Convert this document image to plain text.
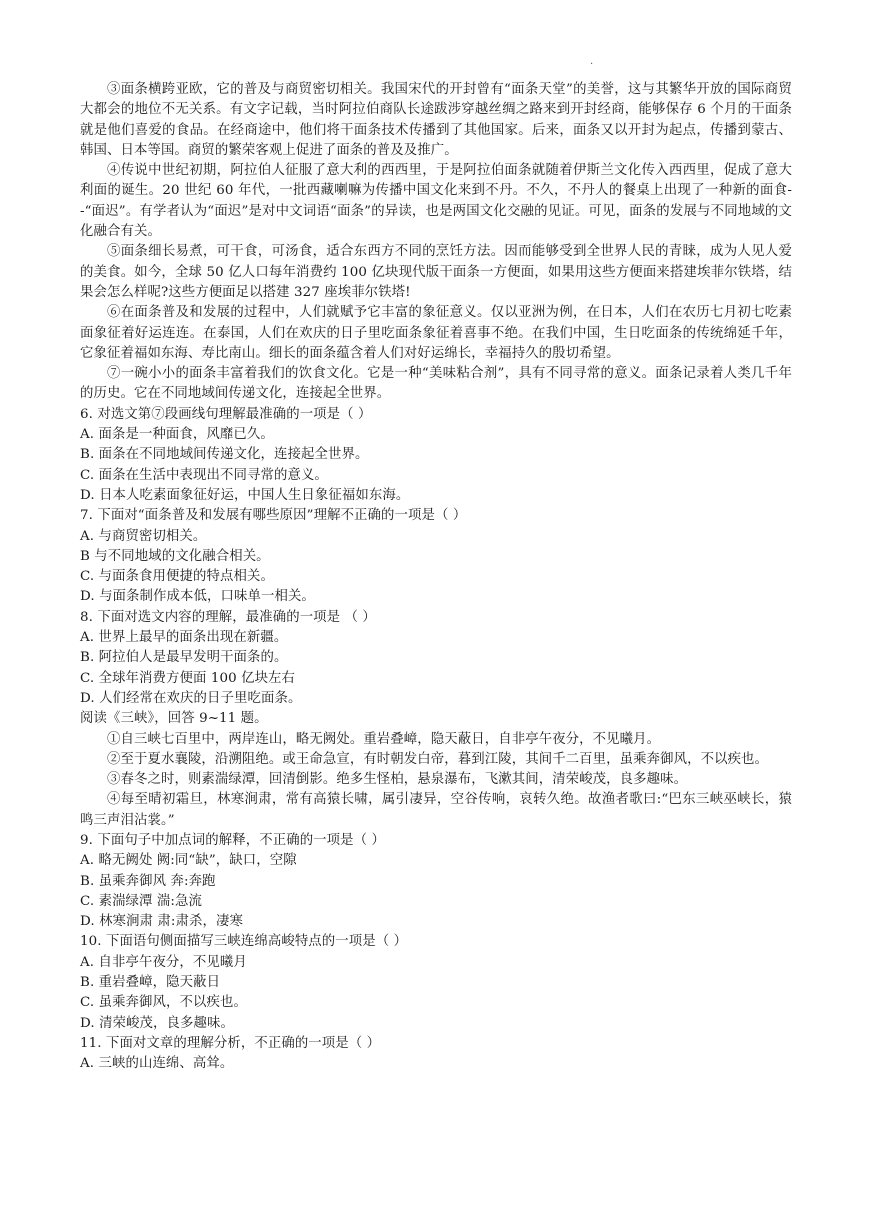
.

③面条横跨亚欧，它的普及与商贸密切相关。我国宋代的开封曾有“面条天堂”的美誉，这与其繁华开放的国际商贸大都会的地位不无关系。有文字记载，当时阿拉伯商队长途跋涉穿越丝绸之路来到开封经商，能够保存 6 个月的干面条就是他们喜爱的食品。在经商途中，他们将干面条技术传播到了其他国家。后来，面条又以开封为起点，传播到蒙古、韩国、日本等国。商贸的繁荣客观上促进了面条的普及及推广。

④传说中世纪初期，阿拉伯人征服了意大利的西西里，于是阿拉伯面条就随着伊斯兰文化传入西西里，促成了意大利面的诞生。20 世纪 60 年代，一批西藏喇嘛为传播中国文化来到不丹。不久，不丹人的餐桌上出现了一种新的面食--“面迟”。有学者认为“面迟”是对中文词语“面条”的异读，也是两国文化交融的见证。可见，面条的发展与不同地域的文化融合有关。

⑤面条细长易煮，可干食，可汤食，适合东西方不同的烹饪方法。因而能够受到全世界人民的青睐，成为人见人爱的美食。如今，全球 50 亿人口每年消费约 100 亿块现代版干面条一方便面，如果用这些方便面来搭建埃菲尔铁塔，结果会怎么样呢?这些方便面足以搭建 327 座埃菲尔铁塔!

⑥在面条普及和发展的过程中，人们就赋予它丰富的象征意义。仅以亚洲为例，在日本，人们在农历七月初七吃素面象征着好运连连。在泰国，人们在欢庆的日子里吃面条象征着喜事不绝。在我们中国，生日吃面条的传统绵延千年，它象征着福如东海、寿比南山。细长的面条蕴含着人们对好运绵长，幸福持久的殷切希望。

⑦一碗小小的面条丰富着我们的饮食文化。它是一种“美味粘合剂”，具有不同寻常的意义。面条记录着人类几千年的历史。它在不同地域间传递文化，连接起全世界。

6. 对选文第⑦段画线句理解最准确的一项是（ ）

A. 面条是一种面食，风靡已久。

B. 面条在不同地域间传递文化，连接起全世界。

C. 面条在生活中表现出不同寻常的意义。

D. 日本人吃素面象征好运，中国人生日象征福如东海。

7. 下面对“面条普及和发展有哪些原因”理解不正确的一项是（ ）

A. 与商贸密切相关。

B 与不同地域的文化融合相关。

C. 与面条食用便捷的特点相关。

D. 与面条制作成本低，口味单一相关。

8. 下面对选文内容的理解，最准确的一项是 （ ）

A. 世界上最早的面条出现在新疆。

B. 阿拉伯人是最早发明干面条的。

C. 全球年消费方便面 100 亿块左右

D. 人们经常在欢庆的日子里吃面条。

阅读《三峡》，回答 9~11 题。

①自三峡七百里中，两岸连山，略无阙处。重岩叠嶂，隐天蔽日，自非亭午夜分，不见曦月。

②至于夏水襄陵，沿溯阻绝。或王命急宣，有时朝发白帝，暮到江陵，其间千二百里，虽乘奔御风，不以疾也。

③春冬之时，则素湍绿潭，回清倒影。绝多生怪柏，悬泉瀑布，飞漱其间，清荣峻茂，良多趣味。

④每至晴初霜旦，林寒涧肃，常有高猿长啸，属引凄异，空谷传响，哀转久绝。故渔者歌曰:“巴东三峡巫峡长，猿鸣三声泪沾裳。”

9. 下面句子中加点词的解释，不正确的一项是（ ）

A. 略无阙处 阙:同“缺”，缺口，空隙

B. 虽乘奔御风 奔:奔跑

C. 素湍绿潭 湍:急流

D. 林寒涧肃 肃:肃杀，凄寒

10. 下面语句侧面描写三峡连绵高峻特点的一项是（ ）

A. 自非亭午夜分，不见曦月

B. 重岩叠嶂，隐天蔽日

C. 虽乘奔御风，不以疾也。

D. 清荣峻茂，良多趣味。

11. 下面对文章的理解分析，不正确的一项是（ ）

A. 三峡的山连绵、高耸。
